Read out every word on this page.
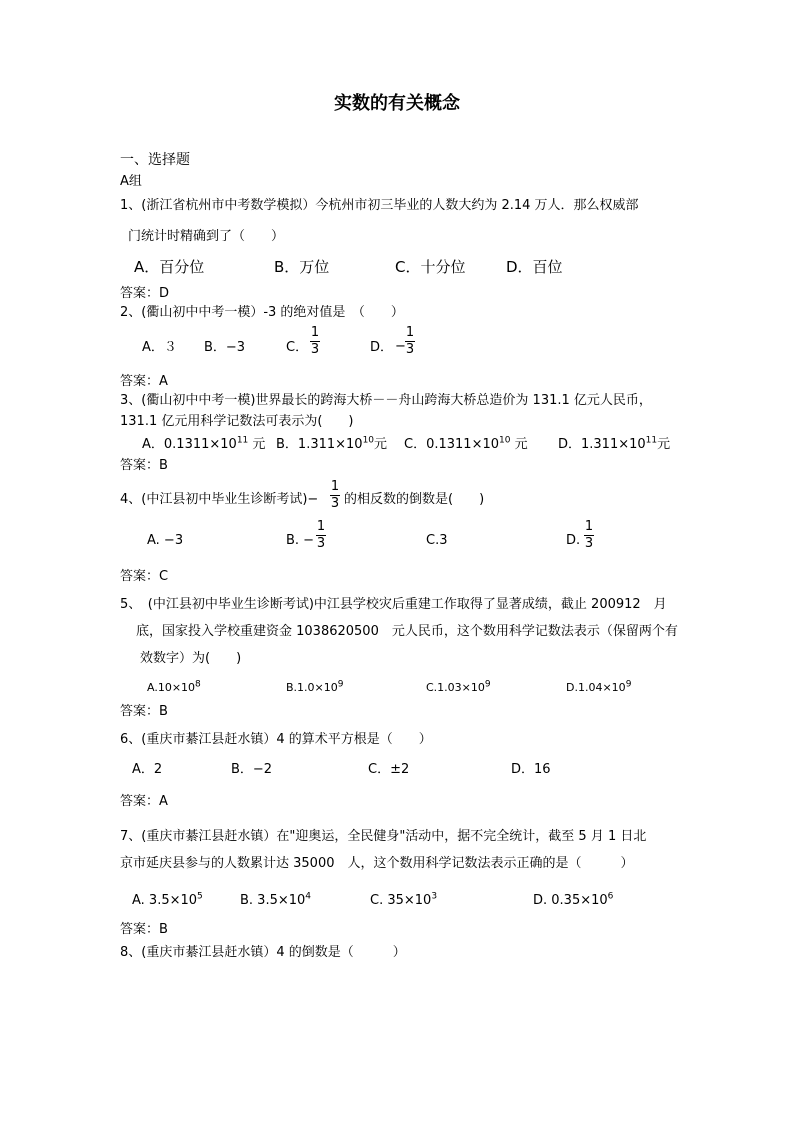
实数的有关概念
一、选择题
A组
1、(浙江省杭州市中考数学模拟）今杭州市初三毕业的人数大约为 2.14 万人．那么权威部
门统计时精确到了（　　）
A．百分位	B．万位	C．十分位	D．百位
答案：D
2、(衢山初中中考一模）-3 的绝对值是　（　　）
A．３ B．−3	C．
1
3	D． −
1
3
答案：A
3、(衢山初中中考一模)世界最长的跨海大桥－－舟山跨海大桥总造价为 131.1 亿元人民币，
131.1 亿元用科学记数法可表示为(　　)
A．$0.1311\times 10^{11}$ 元 B．$1.311\times 10^{10}$元 C．$0.1311\times 10^{10}$ 元 D．$1.311\times 10^{11}$元
答案：B
4、(中江县初中毕业生诊断考试)−
1
3 的相反数的倒数是(　　)
A. −3	B. −
1
3	C.3	D.
1
3
答案：C
5、　(中江县初中毕业生诊断考试)中江县学校灾后重建工作取得了显著成绩，截止 200912　月
底，国家投入学校重建资金 1038620500　元人民币，这个数用科学记数法表示（保留两个有
效数字）为(　　)
$A.10\times 10^8$	$B.1.0\times 10^9$	$C.1.03\times 10^9$	$D.1.04\times 10^9$
答案：B
6、(重庆市綦江县赶水镇）4 的算术平方根是（　　）
A．2	B．−2	C．±2	D．16
答案：A
7、(重庆市綦江县赶水镇）在"迎奥运，全民健身"活动中，据不完全统计，截至 5 月 1 日北
京市延庆县参与的人数累计达 35000　人，这个数用科学记数法表示正确的是（　　　）
A. $3.5\times 10^5$	B. $3.5\times 10^4$	C. $35\times 10^3$	D. $0.35\times 10^6$
答案：B
8、(重庆市綦江县赶水镇）4 的倒数是（　　　）
